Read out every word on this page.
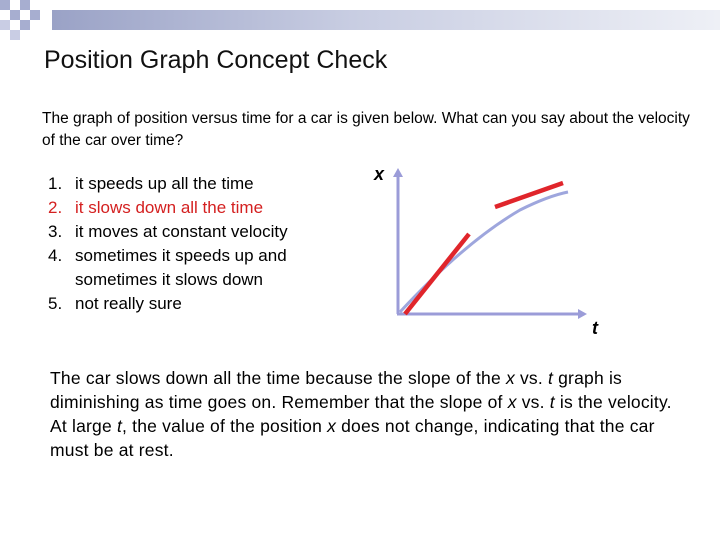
Position Graph Concept Check
The graph of position versus time for a car is given below. What can you say about the velocity of the car over time?
1. it speeds up all the time
2. it slows down all the time
3. it moves at constant velocity
4. sometimes it speeds up and sometimes it slows down
5. not really sure
x
t
The car slows down all the time because the slope of the x vs. t graph is diminishing as time goes on. Remember that the slope of x vs. t is the velocity. At large t, the value of the position x does not change, indicating that the car must be at rest.
